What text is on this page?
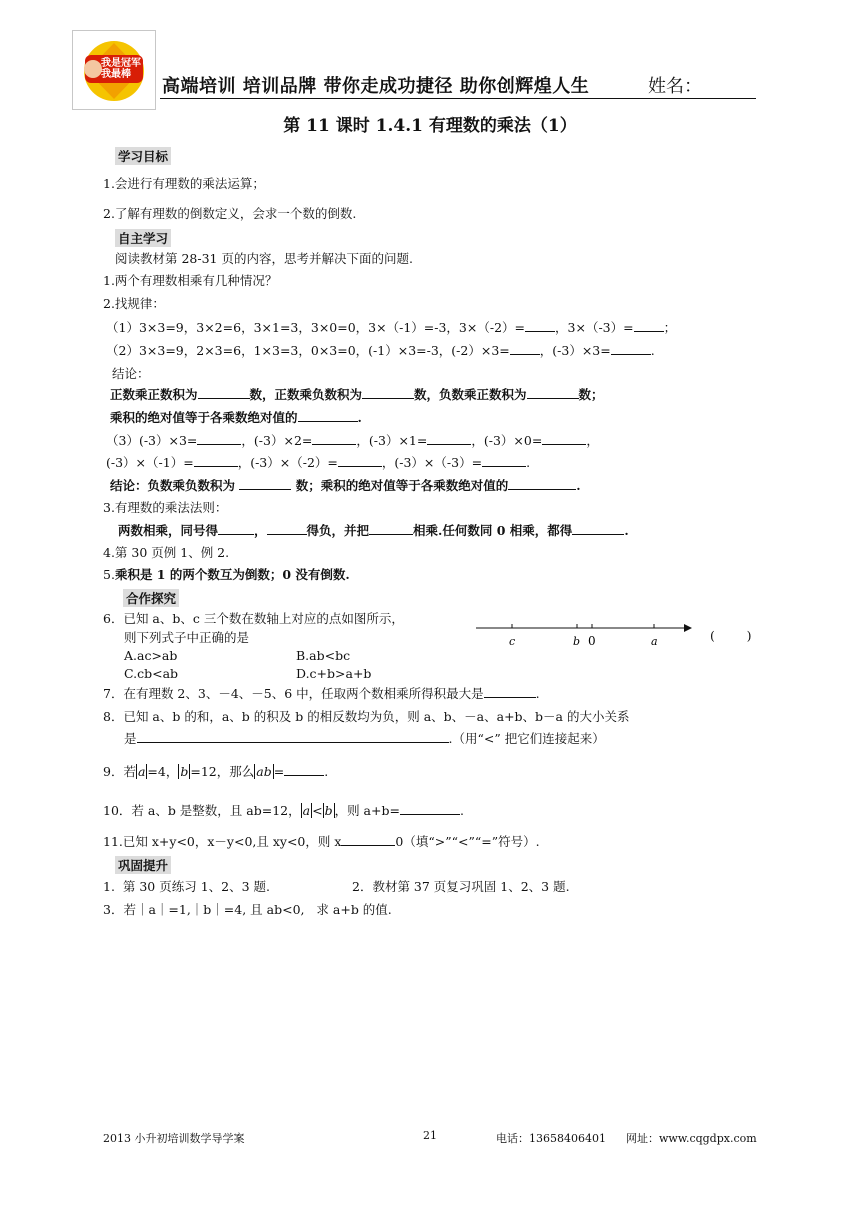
我是冠军 我最棒
高端培训 培训品牌 带你走成功捷径 助你创辉煌人生	姓名：
第 11 课时 1.4.1 有理数的乘法（1）
学习目标
1.会进行有理数的乘法运算；
2.了解有理数的倒数定义，会求一个数的倒数.
自主学习
阅读教材第 28-31 页的内容，思考并解决下面的问题.
1.两个有理数相乘有几种情况？
2.找规律：
（1）3×3=9，3×2=6，3×1=3，3×0=0，3×（-1）=-3，3×（-2）= ，3×（-3）= ；
（2）3×3=9，2×3=6，1×3=3，0×3=0，(-1）×3=-3，(-2）×3= ，(-3）×3=	.
结论：
正数乘正数积为	数，正数乘负数积为	数，负数乘正数积为	数；
乘积的绝对值等于各乘数绝对值的	.
（3）(-3）×3=	，(-3）×2=	，(-3）×1=	，(-3）×0=	，
(-3）×（-1）=	，(-3）×（-2）=	，(-3）×（-3）=	.
结论：负数乘负数积为	数；乘积的绝对值等于各乘数绝对值的	.
3.有理数的乘法法则：
两数相乘，同号得	，	得负，并把	相乘.任何数同 0 相乘，都得	.
4.第 30 页例 1、例 2.
5.乘积是 1 的两个数互为倒数；0 没有倒数.
合作探究
6．已知 a、b、c 三个数在数轴上对应的点如图所示，
则下列式子中正确的是	c	b 0	a	(        )
A.ac>ab	B.ab<bc
C.cb<ab	D.c+b>a+b
7．在有理数 2、3、－4、－5、6 中，任取两个数相乘所得积最大是	.
8．已知 a、b 的和，a、b 的积及 b 的相反数均为负，则 a、b、－a、a+b、b－a 的大小关系
是	.（用“<” 把它们连接起来）
9．若 a =4， b =12，那么 ab =	.
10．若 a、b 是整数，且 ab=12， a < b ，则 a+b=	.
11.已知 x+y<0，x－y<0,且 xy<0，则 x	0（填“>”“<”“=”符号）.
巩固提升
1.  第 30 页练习 1、2、3 题.	2．教材第 37 页复习巩固 1、2、3 题.
3．若｜a｜=1,｜b｜=4, 且 ab<0,   求 a+b 的值.
2013 小升初培训数学导学案	21	电话：13658406401 网址：www.cqgdpx.com
